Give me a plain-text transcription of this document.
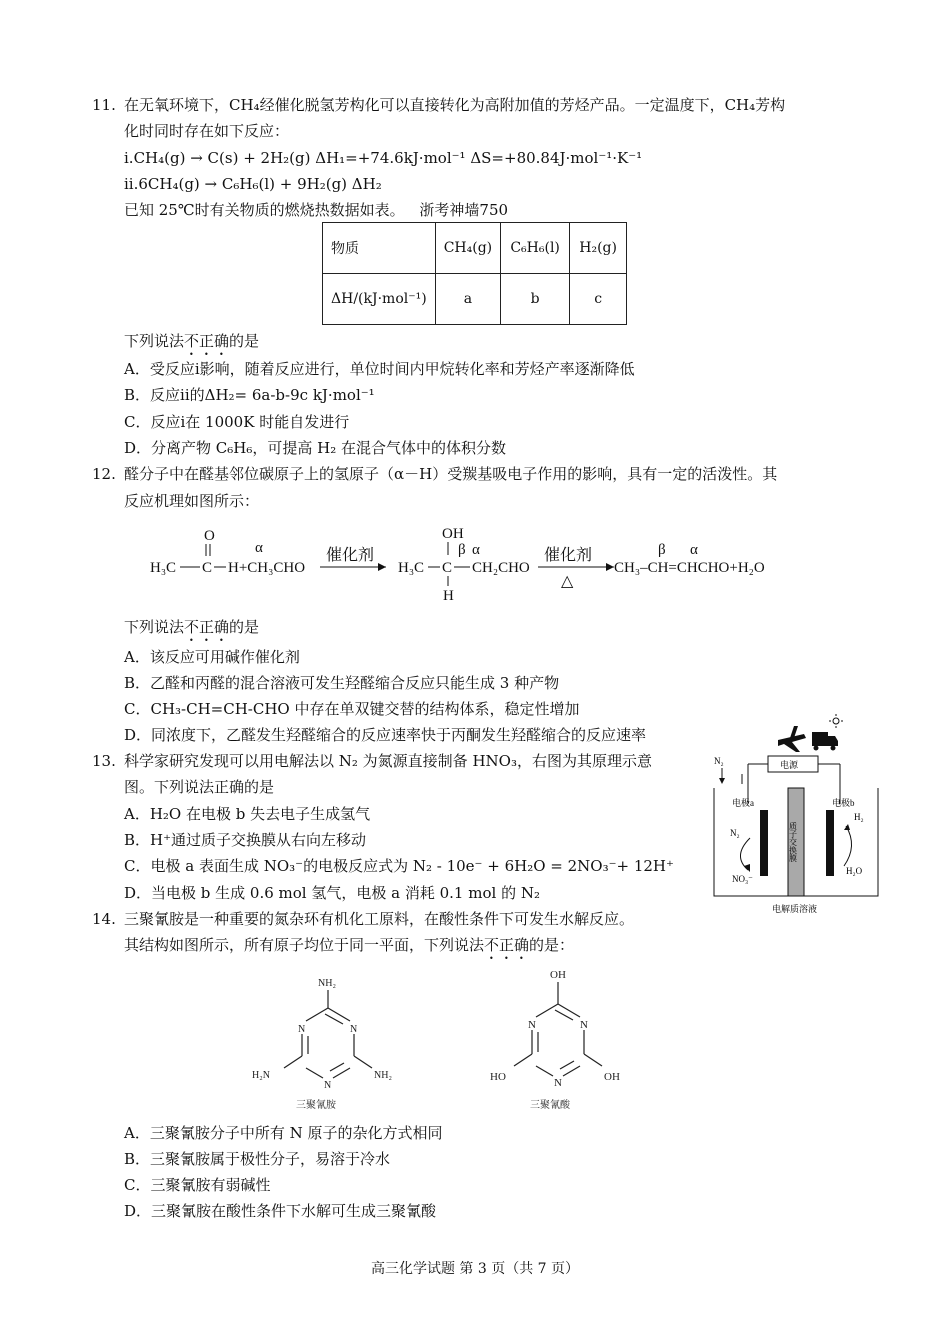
11. 在无氧环境下，CH₄经催化脱氢芳构化可以直接转化为高附加值的芳烃产品。一定温度下，CH₄芳构
化时同时存在如下反应：
i.CH₄(g) → C(s) + 2H₂(g) ΔH₁=+74.6kJ·mol⁻¹ ΔS=+80.84J·mol⁻¹·K⁻¹
ii.6CH₄(g) → C₆H₆(l) + 9H₂(g) ΔH₂
已知 25℃时有关物质的燃烧热数据如表。 浙考神墙750
物质	CH₄(g)	C₆H₆(l)	H₂(g)
ΔH/(kJ·mol⁻¹)	a	b	c
下列说法不正确的是
A．受反应i影响，随着反应进行，单位时间内甲烷转化率和芳烃产率逐渐降低
B．反应ii的ΔH₂= 6a-b-9c kJ·mol⁻¹
C．反应i在 1000K 时能自发进行
D．分离产物 C₆H₆，可提高 H₂ 在混合气体中的体积分数
12. 醛分子中在醛基邻位碳原子上的氢原子（α－H）受羰基吸电子作用的影响，具有一定的活泼性。其
反应机理如图所示：
O
H₃C C H+CH₃CHO
α	催化剂
OH
H₃C C
β α
CH₂CHO
H
催化剂
△
CH₃–CH=CHCHO+H₂O
β α
下列说法不正确的是
A．该反应可用碱作催化剂
B．乙醛和丙醛的混合溶液可发生羟醛缩合反应只能生成 3 种产物
C．CH₃-CH=CH-CHO 中存在单双键交替的结构体系，稳定性增加
D．同浓度下，乙醛发生羟醛缩合的反应速率快于丙酮发生羟醛缩合的反应速率
13. 科学家研究发现可以用电解法以 N₂ 为氮源直接制备 HNO₃，右图为其原理示意
图。下列说法正确的是
A．H₂O 在电极 b 失去电子生成氢气
B．H⁺通过质子交换膜从右向左移动
C．电极 a 表面生成 NO₃⁻的电极反应式为 N₂ - 10e⁻ + 6H₂O = 2NO₃⁻+ 12H⁺
D．当电极 b 生成 0.6 mol 氢气，电极 a 消耗 0.1 mol 的 N₂
N₂	电源
电极a	电极b
质子交换膜
N₂
NO₃⁻
H₂
H₂O
电解质溶液
14. 三聚氰胺是一种重要的氮杂环有机化工原料，在酸性条件下可发生水解反应。
其结构如图所示，所有原子均位于同一平面，下列说法不正确的是：
NH₂
N
N
N
H₂N	NH₂
三聚氰胺
OH
N
N
N
HO	OH
三聚氰酸
A．三聚氰胺分子中所有 N 原子的杂化方式相同
B．三聚氰胺属于极性分子，易溶于冷水
C．三聚氰胺有弱碱性
D．三聚氰胺在酸性条件下水解可生成三聚氰酸
高三化学试题 第 3 页（共 7 页）
